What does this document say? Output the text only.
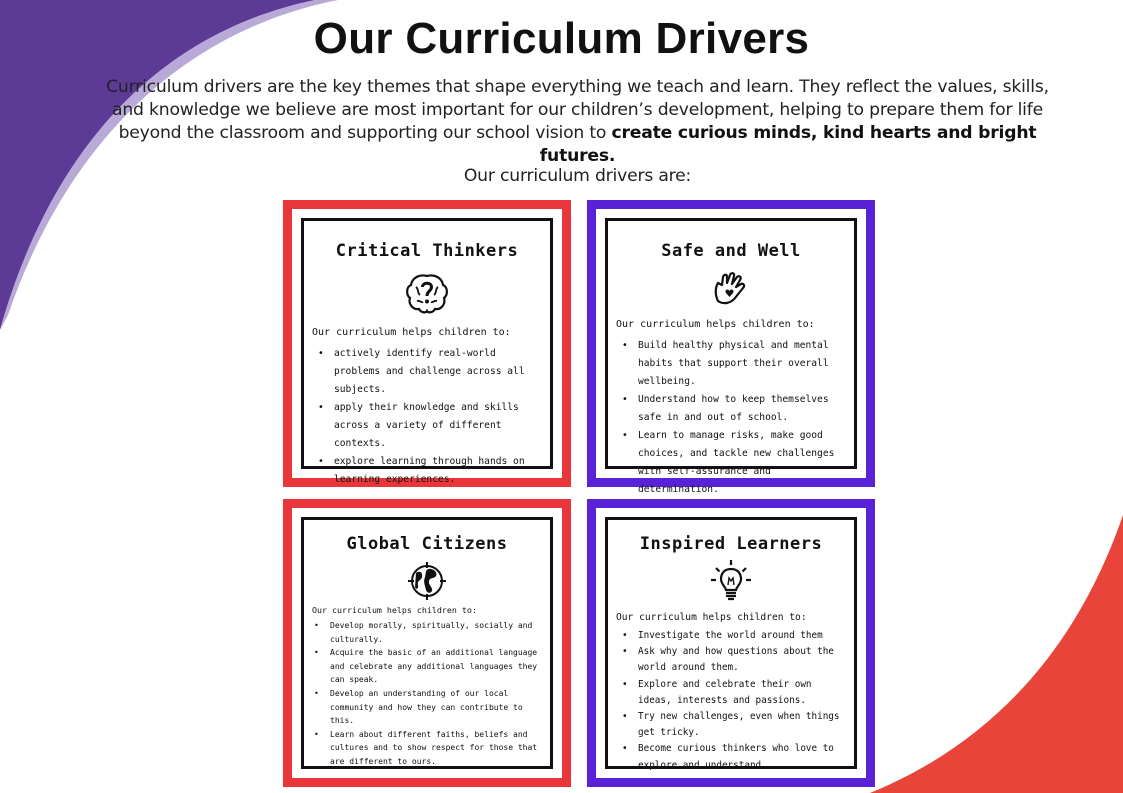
Our Curriculum Drivers

Curriculum drivers are the key themes that shape everything we teach and learn. They reflect the values, skills, and knowledge we believe are most important for our children’s development, helping to prepare them for life beyond the classroom and supporting our school vision to create curious minds, kind hearts and bright futures.

Our curriculum drivers are:

Critical Thinkers

Our curriculum helps children to:

• actively identify real-world problems and challenge across all subjects.
• apply their knowledge and skills across a variety of different contexts.
• explore learning through hands on learning experiences.
Safe and Well

Our curriculum helps children to:

• Build healthy physical and mental habits that support their overall wellbeing.
• Understand how to keep themselves safe in and out of school.
• Learn to manage risks, make good choices, and tackle new challenges with self-assurance and determination.
Global Citizens

Our curriculum helps children to:

• Develop morally, spiritually, socially and culturally.
• Acquire the basic of an additional language and celebrate any additional languages they can speak.
• Develop an understanding of our local community and how they can contribute to this.
• Learn about different faiths, beliefs and cultures and to show respect for those that are different to ours.
Inspired Learners

Our curriculum helps children to:

• Investigate the world around them
• Ask why and how questions about the world around them.
• Explore and celebrate their own ideas, interests and passions.
• Try new challenges, even when things get tricky.
• Become curious thinkers who love to explore and understand.
